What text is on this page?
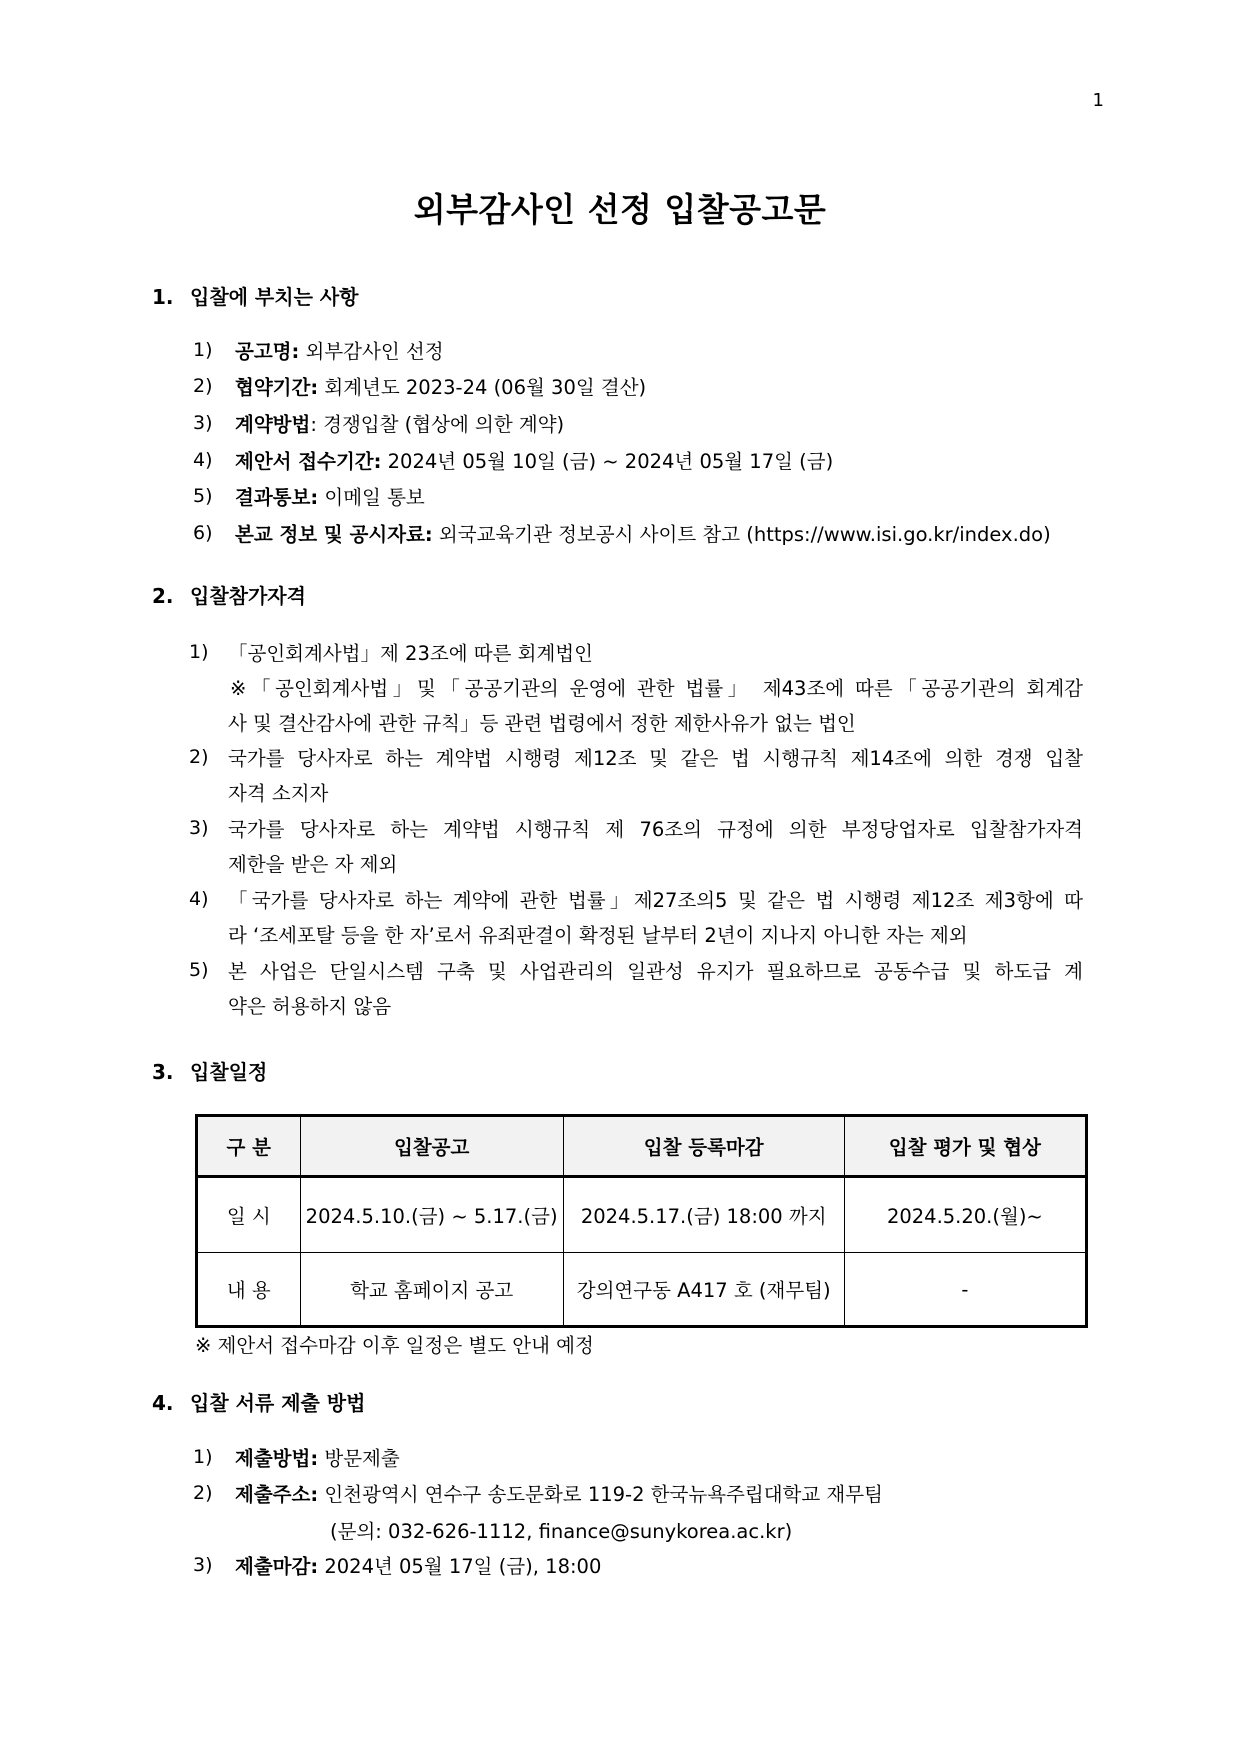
1
외부감사인 선정 입찰공고문
1. 입찰에 부치는 사항
1) 공고명: 외부감사인 선정
2) 협약기간: 회계년도 2023-24 (06월 30일 결산)
3) 계약방법: 경쟁입찰 (협상에 의한 계약)
4) 제안서 접수기간: 2024년 05월 10일 (금) ~ 2024년 05월 17일 (금)
5) 결과통보: 이메일 통보
6) 본교 정보 및 공시자료: 외국교육기관 정보공시 사이트 참고 (https://www.isi.go.kr/index.do)
2. 입찰참가자격
1) 「공인회계사법」제 23조에 따른 회계법인
※「공인회계사법」및「공공기관의 운영에 관한 법률」 제43조에 따른「공공기관의 회계감
사 및 결산감사에 관한 규칙」등 관련 법령에서 정한 제한사유가 없는 법인
2) 국가를 당사자로 하는 계약법 시행령 제12조 및 같은 법 시행규칙 제14조에 의한 경쟁 입찰
자격 소지자
3) 국가를 당사자로 하는 계약법 시행규칙 제 76조의 규정에 의한 부정당업자로 입찰참가자격
제한을 받은 자 제외
4) 「국가를 당사자로 하는 계약에 관한 법률」제27조의5 및 같은 법 시행령 제12조 제3항에 따
라 ‘조세포탈 등을 한 자’로서 유죄판결이 확정된 날부터 2년이 지나지 아니한 자는 제외
5) 본 사업은 단일시스템 구축 및 사업관리의 일관성 유지가 필요하므로 공동수급 및 하도급 계
약은 허용하지 않음
3. 입찰일정
구 분	입찰공고	입찰 등록마감	입찰 평가 및 협상
일 시	2024.5.10.(금) ~ 5.17.(금)	2024.5.17.(금) 18:00 까지	2024.5.20.(월)~
내 용	학교 홈페이지 공고	강의연구동 A417 호 (재무팀)	-
※ 제안서 접수마감 이후 일정은 별도 안내 예정
4. 입찰 서류 제출 방법
1) 제출방법: 방문제출
2) 제출주소: 인천광역시 연수구 송도문화로 119-2 한국뉴욕주립대학교 재무팀
(문의: 032-626-1112, finance@sunykorea.ac.kr)
3) 제출마감: 2024년 05월 17일 (금), 18:00
